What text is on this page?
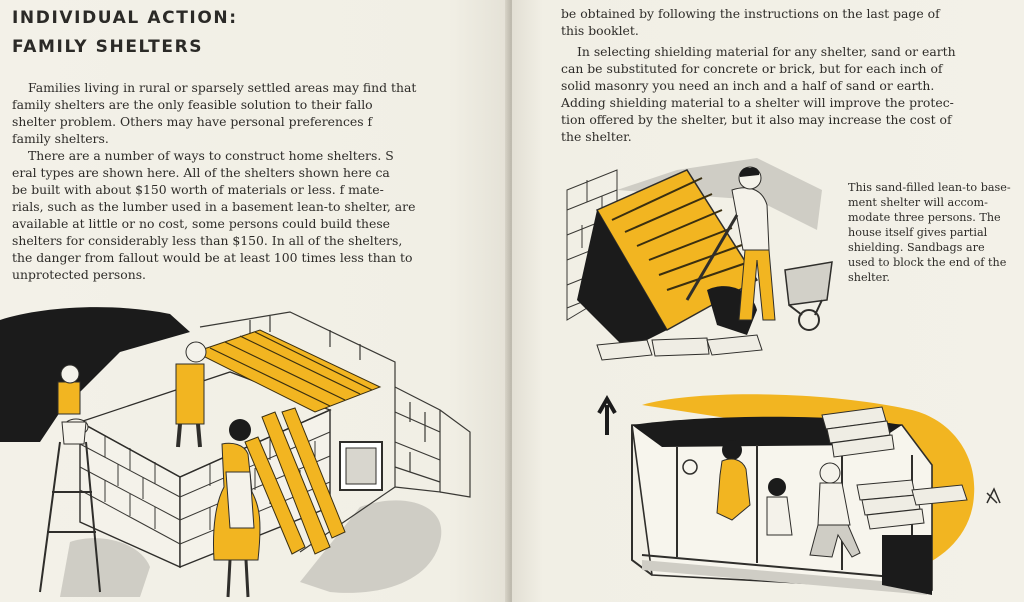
INDIVIDUAL ACTION:
FAMILY SHELTERS

Families living in rural or sparsely settled areas may find that
family shelters are the only feasible solution to their fallo
shelter problem. Others may have personal preferences f
family shelters.

There are a number of ways to construct home shelters. S
eral types are shown here. All of the shelters shown here ca
be built with about $150 worth of materials or less. f mate-
rials, such as the lumber used in a basement lean-to shelter, are
available at little or no cost, some persons could build these
shelters for considerably less than $150. In all of the shelters,
the danger from fallout would be at least 100 times less than to
unprotected persons.

be obtained by following the instructions on the last page of
this booklet.

In selecting shielding material for any shelter, sand or earth
can be substituted for concrete or brick, but for each inch of
solid masonry you need an inch and a half of sand or earth.
Adding shielding material to a shelter will improve the protec-
tion offered by the shelter, but it also may increase the cost of
the shelter.

This sand-filled lean-to base-
ment shelter will accom-
modate three persons. The
house itself gives partial
shielding. Sandbags are
used to block the end of the
shelter.
